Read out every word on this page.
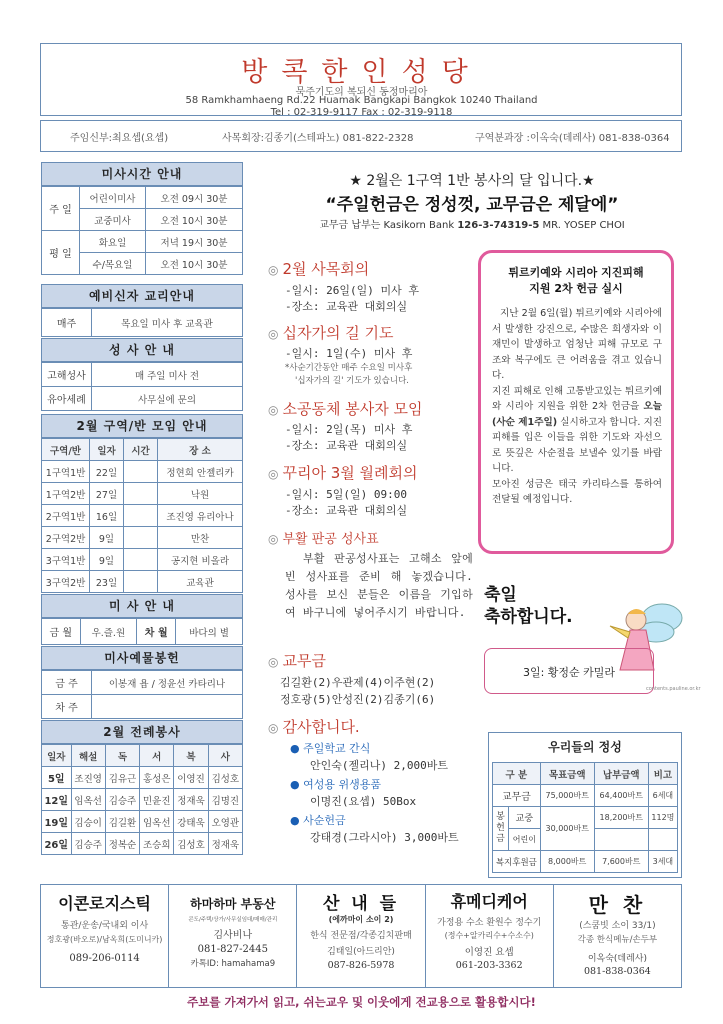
방콕한인성당
묵주기도의 복되신 동정마리아
58 Ramkhamhaeng Rd.22 Huamak Bangkapi Bangkok 10240 Thailand
Tel : 02-319-9117 Fax : 02-319-9118
주임신부:최요셉(요셉)	사목회장:김종기(스테파노) 081-822-2328	구역분과장 :이옥숙(데레사) 081-838-0364
미사시간 안내
주 일	어린이미사	오전 09시 30분
	교중미사	오전 10시 30분
평 일	화요일	저녁 19시 30분
	수/목요일	오전 10시 30분
예비신자 교리안내
매주	목요일 미사 후 교육관
성 사 안 내
고해성사	매 주일 미사 전
유아세례	사무실에 문의
2월 구역/반 모임 안내
구역/반	일자	시간	장 소
1구역1반	22일		정현희 안젤리카
1구역2반	27일		낙원
2구역1반	16일		조진영 유리아나
2구역2반	9일		만찬
3구역1반	9일		공지현 비올라
3구역2반	23일		교육관
미 사 안 내
금 월	우.즐.원	차 월	바다의 별
미사예물봉헌
금 주	이봉재 욥 / 정윤선 카타리나
차 주	
2월 전례봉사
일자	해설	독	서	복	사
5일	조진영	김유근	홍성은	이영진	김성호
12일	임옥선	김승주	민윤진	정재욱	김명진
19일	김승이	김길환	임옥선	강태욱	오영관
26일	김승주	정복순	조승희	김성호	정재욱
★ 2월은 1구역 1반 봉사의 달 입니다.★
“주일헌금은 정성껏, 교무금은 제달에”
교무금 납부는 Kasikorn Bank 126-3-74319-5 MR. YOSEP CHOI
◎ 2월 사목회의
-일시: 26일(일) 미사 후
-장소: 교육관 대회의실
◎ 십자가의 길 기도
-일시: 1일(수) 미사 후
*사순기간동안 매주 수요일 미사후
'십자가의 길' 기도가 있습니다.
◎ 소공동체 봉사자 모임
-일시: 2일(목) 미사 후
-장소: 교육관 대회의실
◎ 꾸리아 3월 월례회의
-일시: 5일(일) 09:00
-장소: 교육관 대회의실
◎ 부활 판공 성사표
부활 판공성사표는 고해소 앞에 빈 성사표를 준비 해 놓겠습니다. 성사를 보신 분들은 이름을 기입하여 바구니에 넣어주시기 바랍니다.
◎ 교무금
김길환(2)우관제(4)이주현(2)
정호광(5)안성진(2)김종기(6)
◎ 감사합니다.
● 주일학교 간식
안인숙(젤리나) 2,000바트
● 여성용 위생용품
이명진(요셉) 50Box
● 사순헌금
강태경(그라시아) 3,000바트
튀르키예와 시리아 지진피해
지원 2차 헌금 실시
지난 2월 6일(월) 튀르키예와 시리아에서 발생한 강진으로, 수많은 희생자와 이재민이 발생하고 엄청난 피해 규모로 구조와 복구에도 큰 어려움을 겪고 있습니다.
지진 피해로 인해 고통받고있는 튀르키예와 시리아 지원을 위한 2차 헌금을 오늘(사순 제1주일) 실시하고자 합니다. 지진 피해를 입은 이들을 위한 기도와 자선으로 뜻깊은 사순절을 보낼수 있기를 바랍니다.
모아진 성금은 태국 카리타스를 통하여 전달될 예정입니다.
축일
축하합니다.
3일: 황정순 카밀라
contents.pauline.or.kr
우리들의 정성
구 분		목표금액	납부금액	비고
교무금		75,000바트	64,400바트	6세대
봉헌금	교중	30,000바트	18,200바트	112명
	어린이			
복지후원금		8,000바트	7,600바트	3세대
이콘로지스틱
통관/운송/국내외 이사
정호광(바오로)/남옥희(도미니카)
089-206-0114
하마하마 부동산
콘도/주택/상가/사무실임대/매매/관리
김사비나
081-827-2445
카톡ID: hamahama9
산 내 들
(에까마이 소이 2)
한식 전문점/각종김치판매
김태일(아드리안)
087-826-5978
휴메디케어
가정용 수소 환원수 정수기
(정수+알카리수+수소수)
이영진 요셉
061-203-3362
만 찬
(스쿰빗 소이 33/1)
각종 한식메뉴/손두부
이옥숙(데레사)
081-838-0364
주보를 가져가서 읽고, 쉬는교우 및 이웃에게 전교용으로 활용합시다!
